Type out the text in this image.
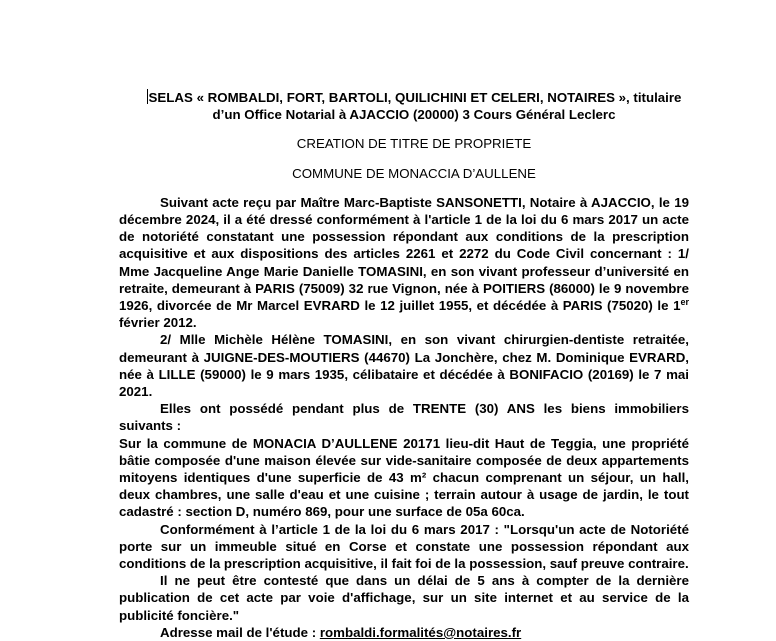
SELAS « ROMBALDI, FORT, BARTOLI, QUILICHINI ET CELERI, NOTAIRES », titulaire
d’un Office Notarial à AJACCIO (20000) 3 Cours Général Leclerc

CREATION DE TITRE DE PROPRIETE

COMMUNE DE MONACCIA D’AULLENE

Suivant acte reçu par Maître Marc-Baptiste SANSONETTI, Notaire à AJACCIO, le 19 décembre 2024, il a été dressé conformément à l'article 1 de la loi du 6 mars 2017 un acte de notoriété constatant une possession répondant aux conditions de la prescription acquisitive et aux dispositions des articles 2261 et 2272 du Code Civil concernant : 1/ Mme Jacqueline Ange Marie Danielle TOMASINI, en son vivant professeur d’université en retraite, demeurant à PARIS (75009) 32 rue Vignon, née à POITIERS (86000) le 9 novembre 1926, divorcée de Mr Marcel EVRARD le 12 juillet 1955, et décédée à PARIS (75020) le 1er février 2012.

2/ Mlle Michèle Hélène TOMASINI, en son vivant chirurgien-dentiste retraitée, demeurant à JUIGNE-DES-MOUTIERS (44670) La Jonchère, chez M. Dominique EVRARD, née à LILLE (59000) le 9 mars 1935, célibataire et décédée à BONIFACIO (20169) le 7 mai 2021.

Elles ont possédé pendant plus de TRENTE (30) ANS les biens immobiliers suivants :

Sur la commune de MONACIA D’AULLENE 20171 lieu-dit Haut de Teggia, une propriété bâtie composée d'une maison élevée sur vide-sanitaire composée de deux appartements mitoyens identiques d'une superficie de 43 m² chacun comprenant un séjour, un hall, deux chambres, une salle d'eau et une cuisine ; terrain autour à usage de jardin, le tout cadastré : section D, numéro 869, pour une surface de 05a 60ca.

Conformément à l’article 1 de la loi du 6 mars 2017 : "Lorsqu'un acte de Notoriété porte sur un immeuble situé en Corse et constate une possession répondant aux conditions de la prescription acquisitive, il fait foi de la possession, sauf preuve contraire.

Il ne peut être contesté que dans un délai de 5 ans à compter de la dernière publication de cet acte par voie d'affichage, sur un site internet et au service de la publicité foncière."

Adresse mail de l'étude : rombaldi.formalités@notaires.fr
